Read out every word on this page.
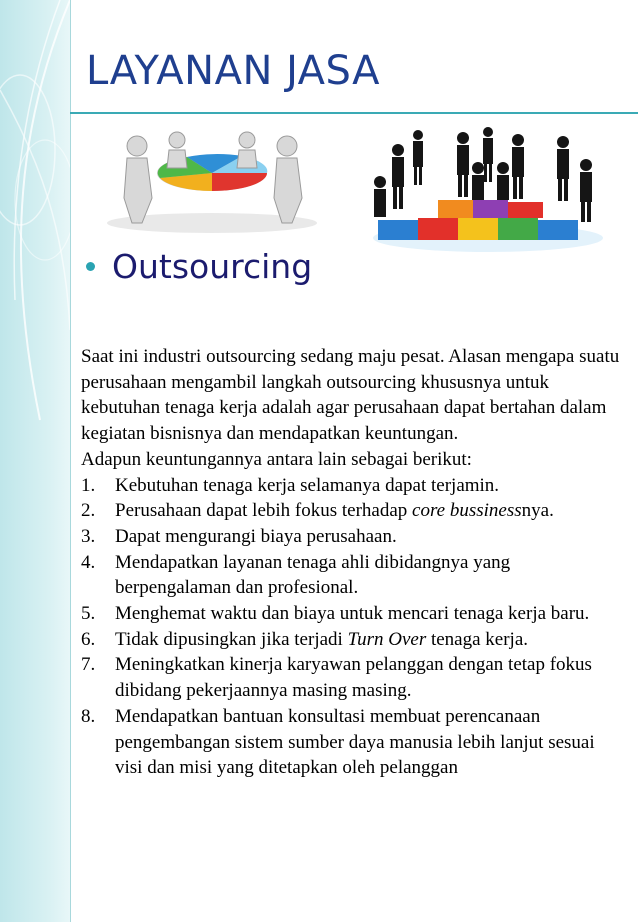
LAYANAN JASA
Outsourcing

Saat ini industri outsourcing sedang maju pesat. Alasan mengapa suatu perusahaan mengambil langkah outsourcing khususnya untuk kebutuhan tenaga kerja adalah agar perusahaan dapat bertahan dalam kegiatan bisnisnya dan mendapatkan keuntungan.

Adapun keuntungannya antara lain sebagai berikut:

1. Kebutuhan tenaga kerja selamanya dapat terjamin.
2. Perusahaan dapat lebih fokus terhadap core bussinessnya.
3. Dapat mengurangi biaya perusahaan.
4. Mendapatkan layanan tenaga ahli dibidangnya yang berpengalaman dan profesional.
5. Menghemat waktu dan biaya untuk mencari tenaga kerja baru.
6. Tidak dipusingkan jika terjadi Turn Over tenaga kerja.
7. Meningkatkan kinerja karyawan pelanggan dengan tetap fokus dibidang pekerjaannya masing masing.
8. Mendapatkan bantuan konsultasi membuat perencanaan pengembangan sistem sumber daya manusia lebih lanjut sesuai visi dan misi yang ditetapkan oleh pelanggan
